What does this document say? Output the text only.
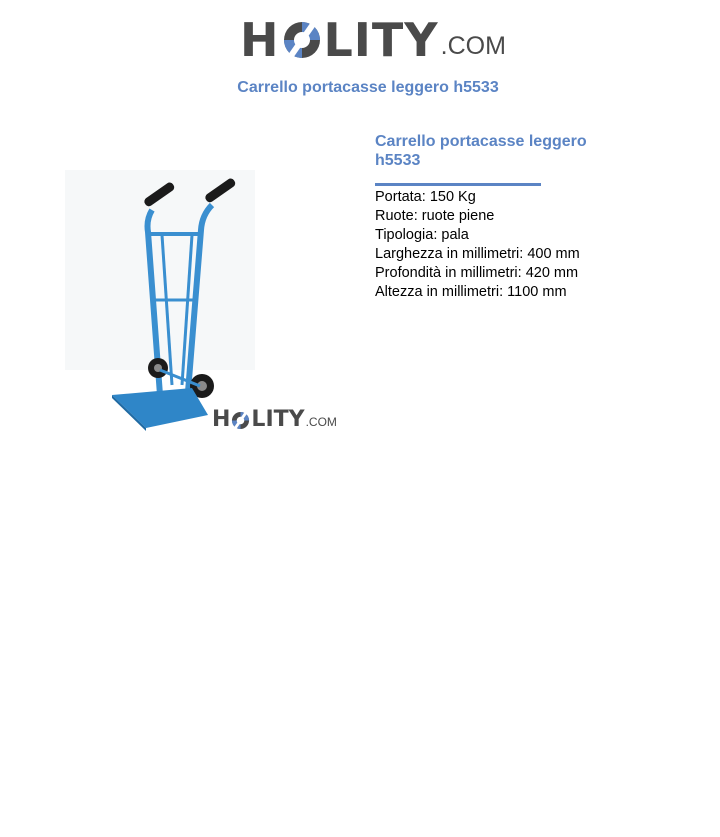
H LITY .COM
Carrello portacasse leggero h5533
H LITY .COM
Carrello portacasse leggero h5533
Portata: 150 Kg
Ruote: ruote piene
Tipologia: pala
Larghezza in millimetri: 400 mm
Profondità in millimetri: 420 mm
Altezza in millimetri: 1100 mm
